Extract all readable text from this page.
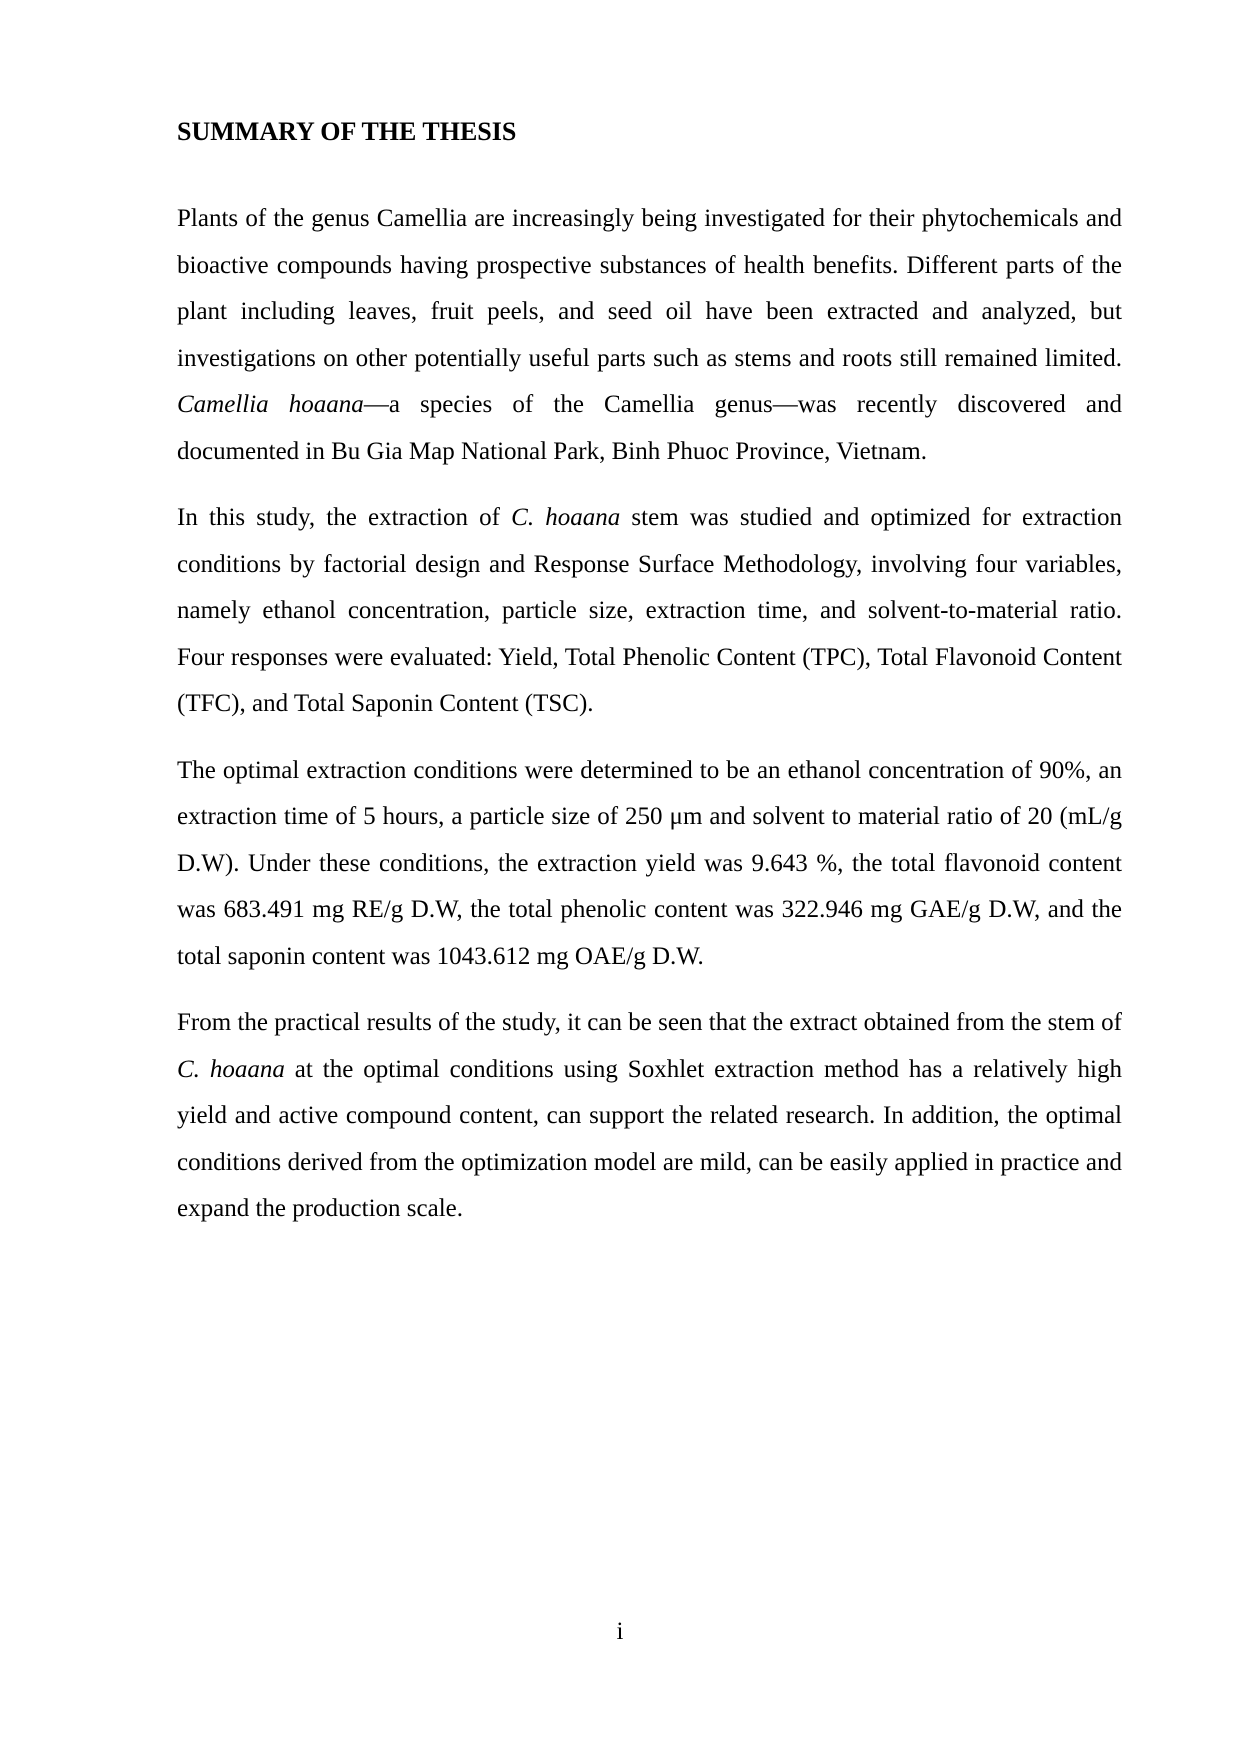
SUMMARY OF THE THESIS

Plants of the genus Camellia are increasingly being investigated for their phytochemicals and bioactive compounds having prospective substances of health benefits. Different parts of the plant including leaves, fruit peels, and seed oil have been extracted and analyzed, but investigations on other potentially useful parts such as stems and roots still remained limited. Camellia hoaana—a species of the Camellia genus—was recently discovered and documented in Bu Gia Map National Park, Binh Phuoc Province, Vietnam.

In this study, the extraction of C. hoaana stem was studied and optimized for extraction conditions by factorial design and Response Surface Methodology, involving four variables, namely ethanol concentration, particle size, extraction time, and solvent-to-material ratio. Four responses were evaluated: Yield, Total Phenolic Content (TPC), Total Flavonoid Content (TFC), and Total Saponin Content (TSC).

The optimal extraction conditions were determined to be an ethanol concentration of 90%, an extraction time of 5 hours, a particle size of 250 μm and solvent to material ratio of 20 (mL/g D.W). Under these conditions, the extraction yield was 9.643 %, the total flavonoid content was 683.491 mg RE/g D.W, the total phenolic content was 322.946 mg GAE/g D.W, and the total saponin content was 1043.612 mg OAE/g D.W.

From the practical results of the study, it can be seen that the extract obtained from the stem of C. hoaana at the optimal conditions using Soxhlet extraction method has a relatively high yield and active compound content, can support the related research. In addition, the optimal conditions derived from the optimization model are mild, can be easily applied in practice and expand the production scale.

i
